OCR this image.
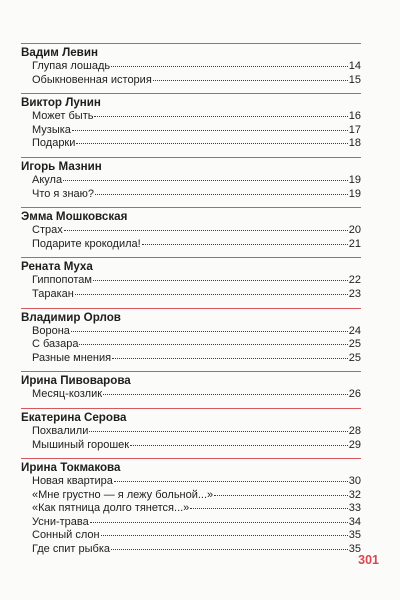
Вадим Левин
Глупая лошадь	14
Обыкновенная история	15
Виктор Лунин
Может быть	16
Музыка	17
Подарки	18
Игорь Мазнин
Акула	19
Что я знаю?	19
Эмма Мошковская
Страх	20
Подарите крокодила!	21
Рената Муха
Гиппопотам	22
Таракан	23
Владимир Орлов
Ворона	24
С базара	25
Разные мнения	25
Ирина Пивоварова
Месяц-козлик	26
Екатерина Серова
Похвалили	28
Мышиный горошек	29
Ирина Токмакова
Новая квартира	30
«Мне грустно — я лежу больной...»	32
«Как пятница долго тянется...»	33
Усни-трава	34
Сонный слон	35
Где спит рыбка	35
301
